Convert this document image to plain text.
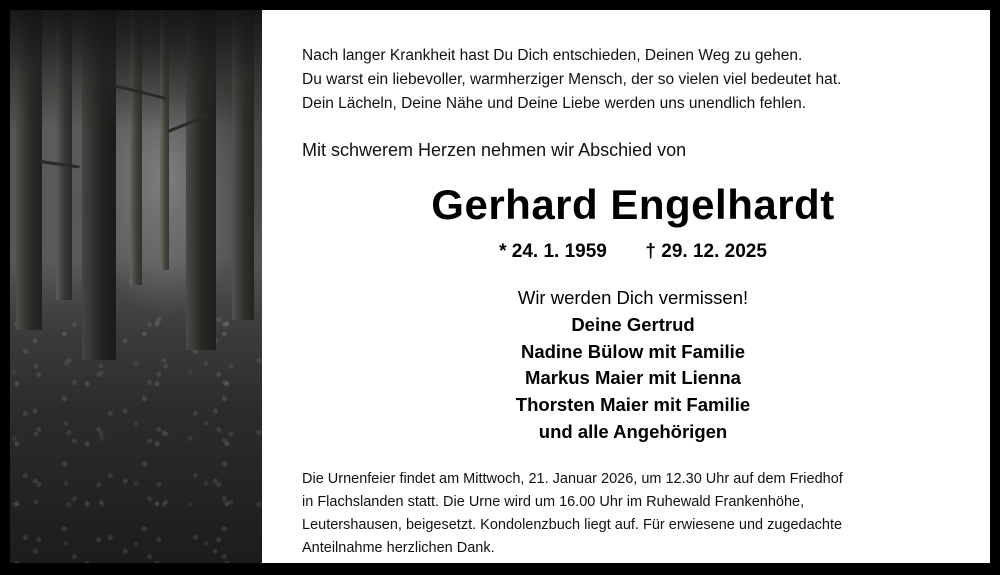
Nach langer Krankheit hast Du Dich entschieden, Deinen Weg zu gehen.
Du warst ein liebevoller, warmherziger Mensch, der so vielen viel bedeutet hat.
Dein Lächeln, Deine Nähe und Deine Liebe werden uns unendlich fehlen.
Mit schwerem Herzen nehmen wir Abschied von
Gerhard Engelhardt
* 24. 1. 1959 † 29. 12. 2025
Wir werden Dich vermissen!
Deine Gertrud
Nadine Bülow mit Familie
Markus Maier mit Lienna
Thorsten Maier mit Familie
und alle Angehörigen
Die Urnenfeier findet am Mittwoch, 21. Januar 2026, um 12.30 Uhr auf dem Friedhof
in Flachslanden statt. Die Urne wird um 16.00 Uhr im Ruhewald Frankenhöhe,
Leutershausen, beigesetzt. Kondolenzbuch liegt auf. Für erwiesene und zugedachte
Anteilnahme herzlichen Dank.
